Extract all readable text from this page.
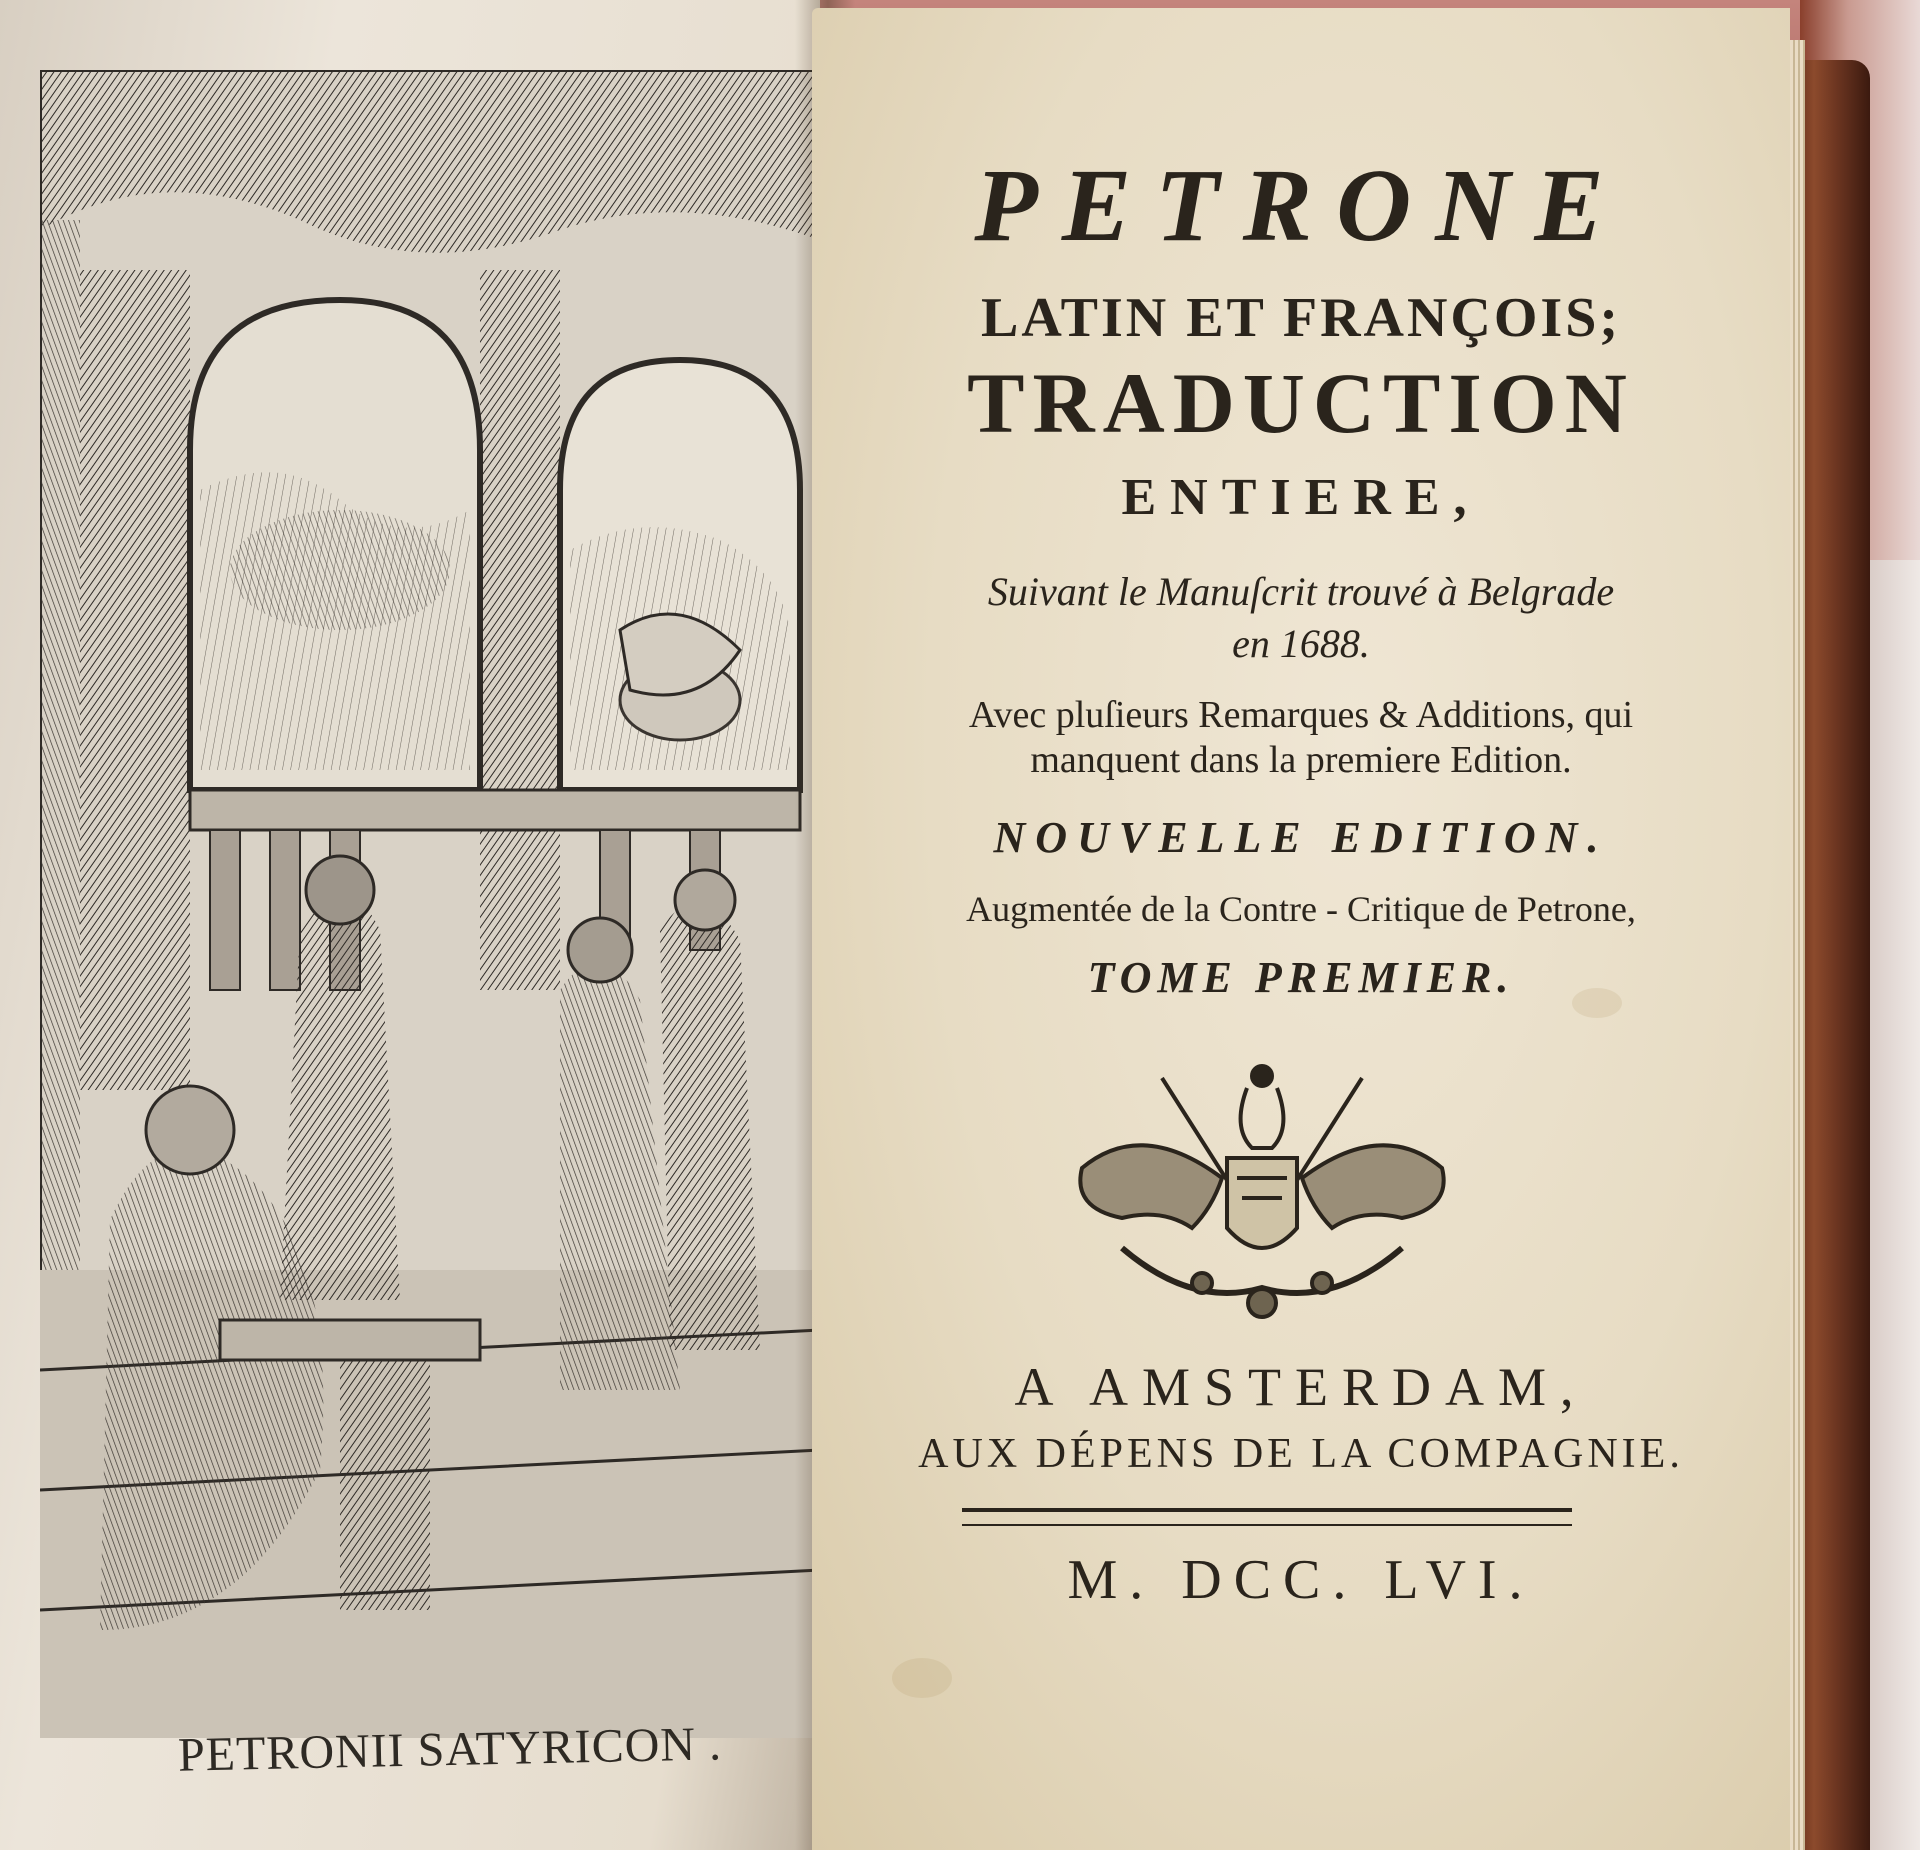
PETRONII SATYRICON .
PETRONE
LATIN ET FRANÇOIS;
TRADUCTION
ENTIERE,
Suivant le Manuſcrit trouvé à Belgrade
en 1688.
Avec pluſieurs Remarques & Additions, qui
manquent dans la premiere Edition.
NOUVELLE EDITION.
Augmentée de la Contre - Critique de Petrone,
TOME PREMIER.
A AMSTERDAM,
AUX DÉPENS DE LA COMPAGNIE.
M. DCC. LVI.
